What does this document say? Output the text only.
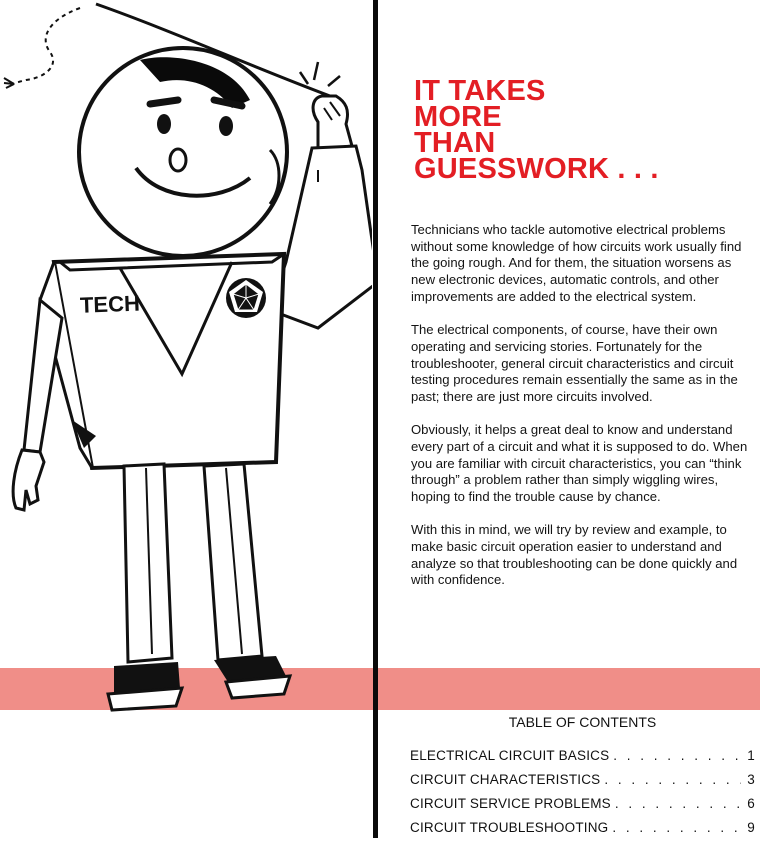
TECH
IT TAKES
MORE
THAN
GUESSWORK . . .

Technicians who tackle automotive electrical problems without some knowledge of how circuits work usually find the going rough. And for them, the situation worsens as new electronic devices, automatic controls, and other improvements are added to the electrical system.

The electrical components, of course, have their own operating and servicing stories. Fortunately for the troubleshooter, general circuit characteristics and circuit testing procedures remain essentially the same as in the past; there are just more circuits involved.

Obviously, it helps a great deal to know and understand every part of a circuit and what it is supposed to do. When you are familiar with circuit characteristics, you can “think through” a problem rather than simply wiggling wires, hoping to find the trouble cause by chance.

With this in mind, we will try by review and example, to make basic circuit operation easier to understand and analyze so that troubleshooting can be done quickly and with confidence.

TABLE OF CONTENTS
ELECTRICAL CIRCUIT BASICS . . .	1
CIRCUIT CHARACTERISTICS . . .	3
CIRCUIT SERVICE PROBLEMS . . .	6
CIRCUIT TROUBLESHOOTING . . .	9
